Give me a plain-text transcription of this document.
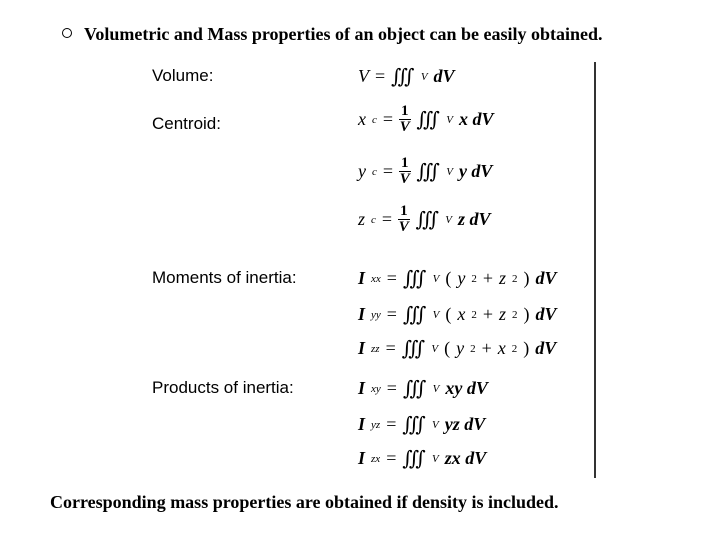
Volumetric and Mass properties of an object can be easily obtained.
Volume:
Centroid:
Moments of inertia:
Products of inertia:
V = ∭ V dV
x $c = \frac{1}{V}$ ∭ V x dV
y $c = \frac{1}{V}$ ∭ V y dV
z $c = \frac{1}{V}$ ∭ V z dV
I xx = ∭ V ( y 2 + z 2 ) dV
I yy = ∭ V ( x 2 + z 2 ) dV
I zz = ∭ V ( y 2 + x 2 ) dV
I xy = ∭ V xy dV
I yz = ∭ V yz dV
I zx = ∭ V zx dV
Corresponding mass properties are obtained if density is included.
